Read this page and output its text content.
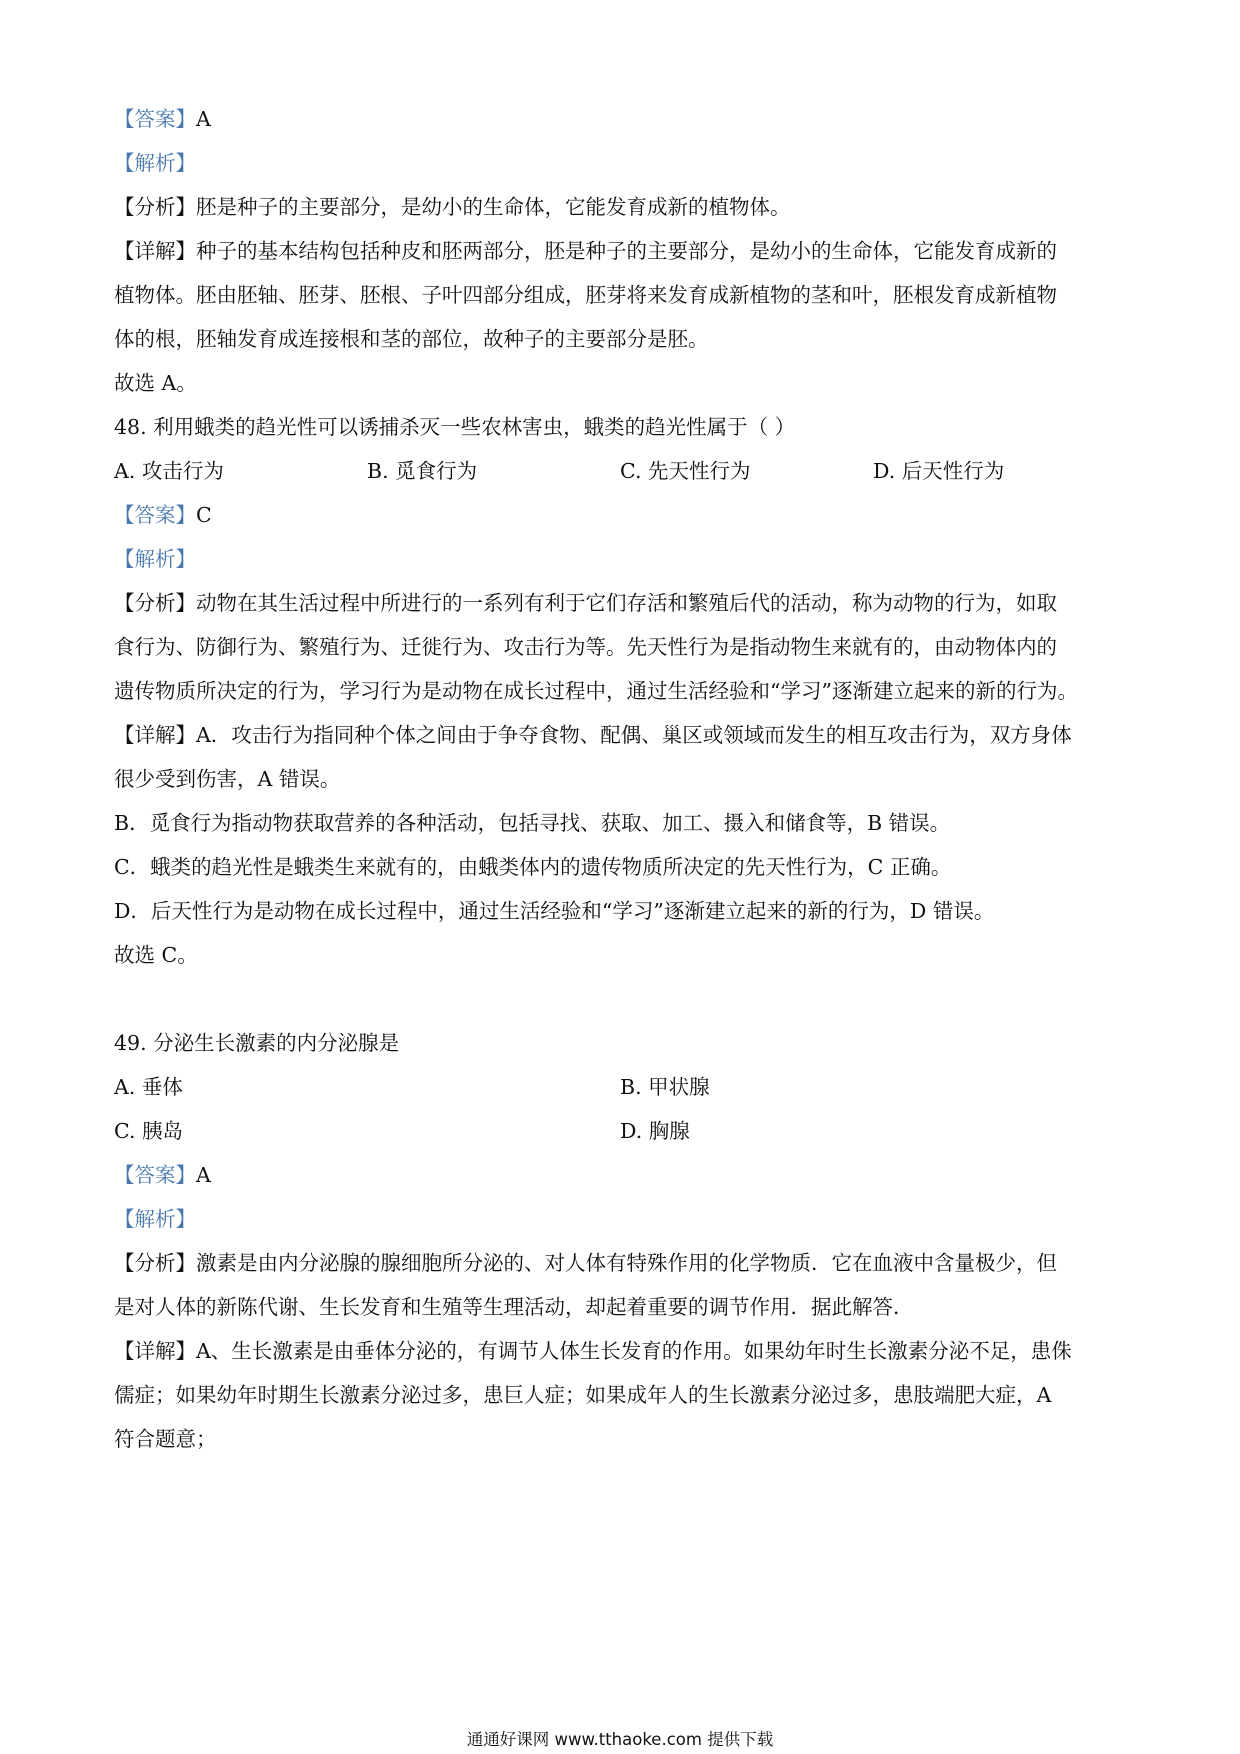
【答案】A
【解析】
【分析】胚是种子的主要部分，是幼小的生命体，它能发育成新的植物体。
【详解】种子的基本结构包括种皮和胚两部分，胚是种子的主要部分，是幼小的生命体，它能发育成新的
植物体。胚由胚轴、胚芽、胚根、子叶四部分组成，胚芽将来发育成新植物的茎和叶，胚根发育成新植物
体的根，胚轴发育成连接根和茎的部位，故种子的主要部分是胚。
故选 A。
48. 利用蛾类的趋光性可以诱捕杀灭一些农林害虫，蛾类的趋光性属于（ ）
A. 攻击行为	B. 觅食行为	C. 先天性行为	D. 后天性行为
【答案】C
【解析】
【分析】动物在其生活过程中所进行的一系列有利于它们存活和繁殖后代的活动，称为动物的行为，如取
食行为、防御行为、繁殖行为、迁徙行为、攻击行为等。先天性行为是指动物生来就有的，由动物体内的
遗传物质所决定的行为，学习行为是动物在成长过程中，通过生活经验和“学习”逐渐建立起来的新的行为。
【详解】A．攻击行为指同种个体之间由于争夺食物、配偶、巢区或领域而发生的相互攻击行为，双方身体
很少受到伤害，A 错误。
B．觅食行为指动物获取营养的各种活动，包括寻找、获取、加工、摄入和储食等，B 错误。
C．蛾类的趋光性是蛾类生来就有的，由蛾类体内的遗传物质所决定的先天性行为，C 正确。
D．后天性行为是动物在成长过程中，通过生活经验和“学习”逐渐建立起来的新的行为，D 错误。
故选 C。
49. 分泌生长激素的内分泌腺是
A. 垂体	B. 甲状腺
C. 胰岛	D. 胸腺
【答案】A
【解析】
【分析】激素是由内分泌腺的腺细胞所分泌的、对人体有特殊作用的化学物质．它在血液中含量极少，但
是对人体的新陈代谢、生长发育和生殖等生理活动，却起着重要的调节作用．据此解答．
【详解】A、生长激素是由垂体分泌的，有调节人体生长发育的作用。如果幼年时生长激素分泌不足，患侏
儒症；如果幼年时期生长激素分泌过多，患巨人症；如果成年人的生长激素分泌过多，患肢端肥大症，A
符合题意；
通通好课网 www.tthaoke.com 提供下载
